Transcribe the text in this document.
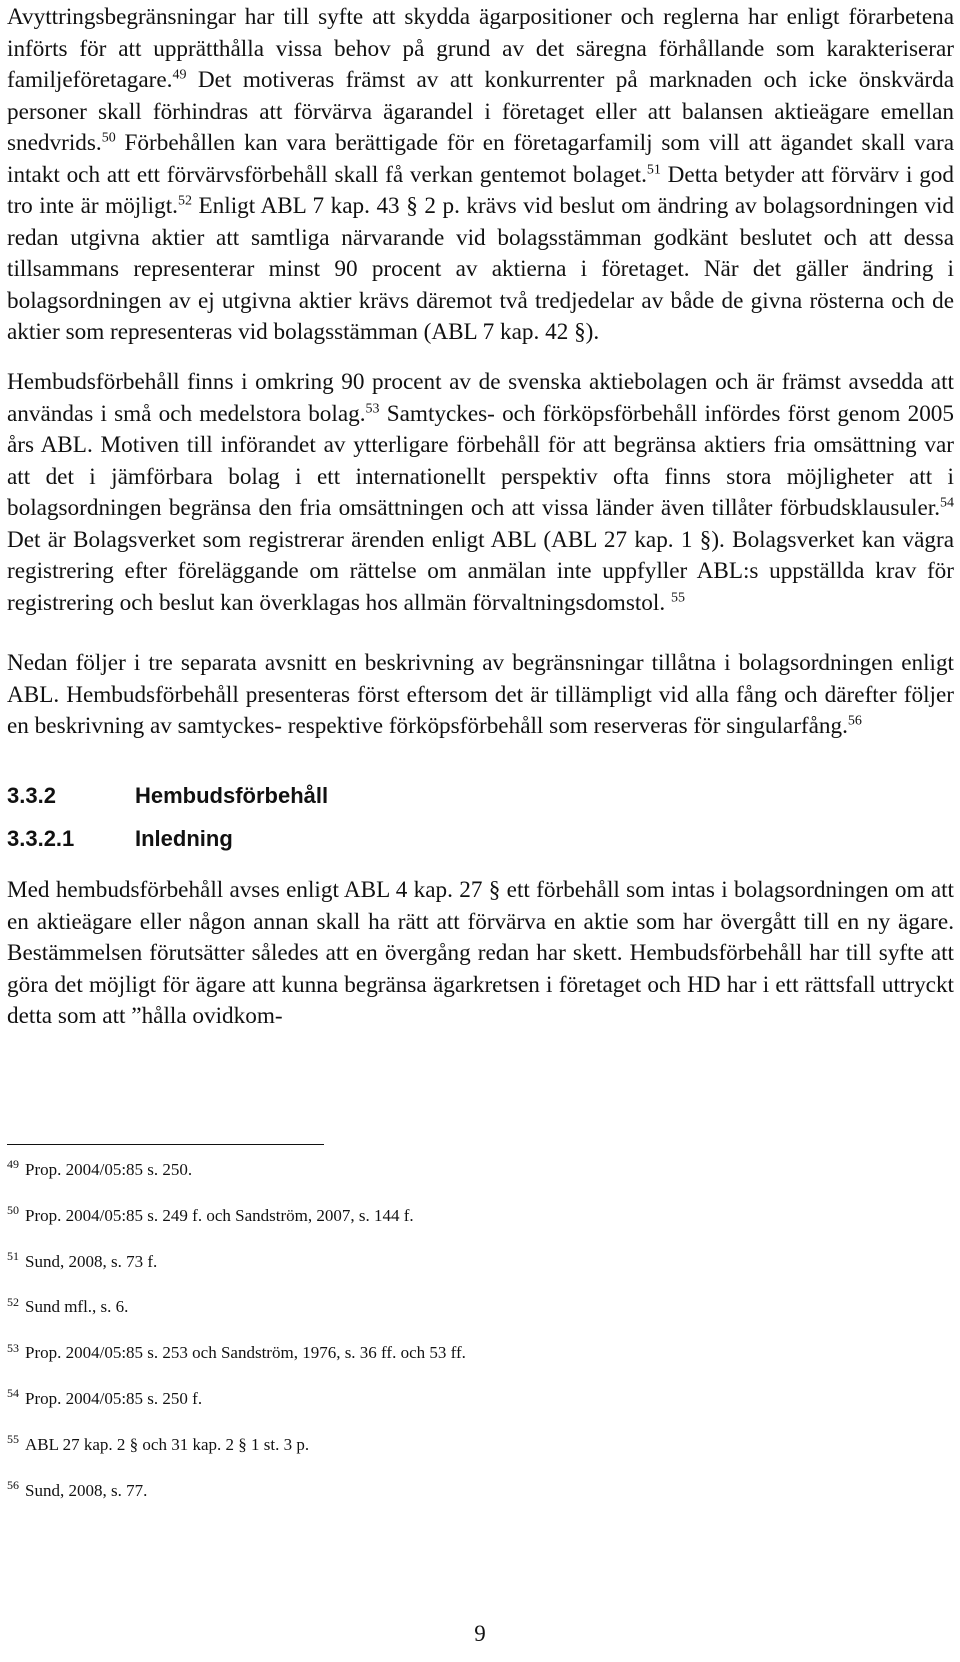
Avyttringsbegränsningar har till syfte att skydda ägarpositioner och reglerna har enligt förarbetena införts för att upprätthålla vissa behov på grund av det säregna förhållande som karakteriserar familjeföretagare.$^{49}$ Det motiveras främst av att konkurrenter på marknaden och icke önskvärda personer skall förhindras att förvärva ägarandel i företaget eller att balansen aktieägare emellan snedvrids.$^{50}$ Förbehållen kan vara berättigade för en företagarfamilj som vill att ägandet skall vara intakt och att ett förvärvsförbehåll skall få verkan gentemot bolaget.$^{51}$ Detta betyder att förvärv i god tro inte är möjligt.$^{52}$ Enligt ABL 7 kap. 43 § 2 p. krävs vid beslut om ändring av bolagsordningen vid redan utgivna aktier att samtliga närvarande vid bolagsstämman godkänt beslutet och att dessa tillsammans representerar minst 90 procent av aktierna i företaget. När det gäller ändring i bolagsordningen av ej utgivna aktier krävs däremot två tredjedelar av både de givna rösterna och de aktier som representeras vid bolagsstämman (ABL 7 kap. 42 §).

Hembudsförbehåll finns i omkring 90 procent av de svenska aktiebolagen och är främst avsedda att användas i små och medelstora bolag.$^{53}$ Samtyckes- och förköpsförbehåll infördes först genom 2005 års ABL. Motiven till införandet av ytterligare förbehåll för att begränsa aktiers fria omsättning var att det i jämförbara bolag i ett internationellt perspektiv ofta finns stora möjligheter att i bolagsordningen begränsa den fria omsättningen och att vissa länder även tillåter förbudsklausuler.$^{54}$ Det är Bolagsverket som registrerar ärenden enligt ABL (ABL 27 kap. 1 §). Bolagsverket kan vägra registrering efter föreläggande om rättelse om anmälan inte uppfyller ABL:s uppställda krav för registrering och beslut kan överklagas hos allmän förvaltningsdomstol. $^{55}$

Nedan följer i tre separata avsnitt en beskrivning av begränsningar tillåtna i bolagsordningen enligt ABL. Hembudsförbehåll presenteras först eftersom det är tillämpligt vid alla fång och därefter följer en beskrivning av samtyckes- respektive förköpsförbehåll som reserveras för singularfång.$^{56}$

3.3.2	Hembudsförbehåll
3.3.2.1	Inledning

Med hembudsförbehåll avses enligt ABL 4 kap. 27 § ett förbehåll som intas i bolagsordningen om att en aktieägare eller någon annan skall ha rätt att förvärva en aktie som har övergått till en ny ägare. Bestämmelsen förutsätter således att en övergång redan har skett. Hembudsförbehåll har till syfte att göra det möjligt för ägare att kunna begränsa ägarkretsen i företaget och HD har i ett rättsfall uttryckt detta som att ”hålla ovidkom-

$^{49}$ Prop. 2004/05:85 s. 250.
$^{50}$ Prop. 2004/05:85 s. 249 f. och Sandström, 2007, s. 144 f.
$^{51}$ Sund, 2008, s. 73 f.
$^{52}$ Sund mfl., s. 6.
$^{53}$ Prop. 2004/05:85 s. 253 och Sandström, 1976, s. 36 ff. och 53 ff.
$^{54}$ Prop. 2004/05:85 s. 250 f.
$^{55}$ ABL 27 kap. 2 § och 31 kap. 2 § 1 st. 3 p.
$^{56}$ Sund, 2008, s. 77.
9
